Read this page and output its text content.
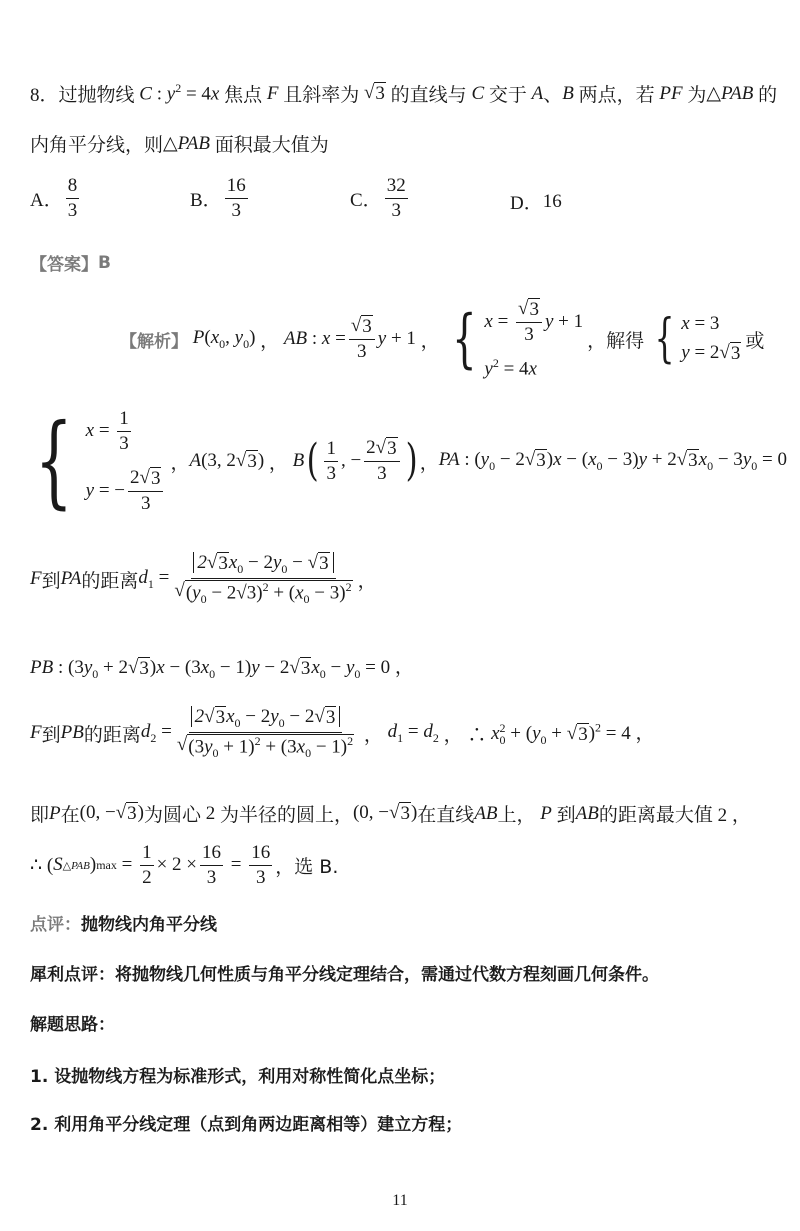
8． 过抛物线 C : $y^2 = 4x$ 焦点 F 且斜率为
√ 3
的直线与 C 交于 A 、 B 两点，若 PF 为 △PAB 的
内角平分线，则 △PAB 面积最大值为
A． $\frac{8}{3}$	B． $\frac{16}{3}$	C． $\frac{32}{3}$	D． 16
【答案】 B
【解析】 $P(x_0$, $y_0$) ， AB : $x = \frac{√ 3}{3}$ y + 1 ， { $x = \frac{√ 3}{3}$ y + 1
$y^2 = 4x$
，解得 { x = 3
y = 2 √ 3
或
{ $x = \frac{1}{3}$
y = − $\frac{2 √ 3}{3}$
， A(3, 2 √ 3 ) ， B ( $\frac{1}{3}$ , − $\frac{2 √ 3}{3}$ ) ， PA : ($y_0 - 2$ √ 3 )$x - (x_0 - 3)y + 2$ √ 3 $x_0 - 3y_0 = 0$
F 到 PA 的距离 $d_1 = \frac{2 √ 3 x_0 - 2y_0 - √ 3}{√ (y_0 - 2√3)^2 + (x_0 - 3)^2}$ ，
PB : ($3y_0 + 2$ √ 3 )$x - (3x_0 - 1)y - 2$ √ 3 $x_0 - y_0 = 0$ ，
F 到 PB 的距离 $d_2 = \frac{2 √ 3 x_0 - 2y_0 - 2 √ 3}{√ (3y_0 + 1)^2 + (3x_0 - 1)^2}$ ， $d_1 = d_2$ ， ∴ $x_0^2 + (y_0$ + √ 3 )$^2$ = 4 ，
即 P 在 (0, − √ 3 ) 为圆心 2 为半径的圆上， (0, − √ 3 ) 在直线 AB 上， P 到 AB 的距离最大值 2 ，
∴ ( S △PAB ) $\max = \frac{1}{2} \times 2 \times \frac{16}{3} = \frac{16}{3}$ ，选 B.
点评： 抛物线内角平分线
犀利点评： 将抛物线几何性质与角平分线定理结合，需通过代数方程刻画几何条件。
解题思路：
1. 设抛物线方程为标准形式，利用对称性简化点坐标；
2. 利用角平分线定理（点到角两边距离相等）建立方程；
11
